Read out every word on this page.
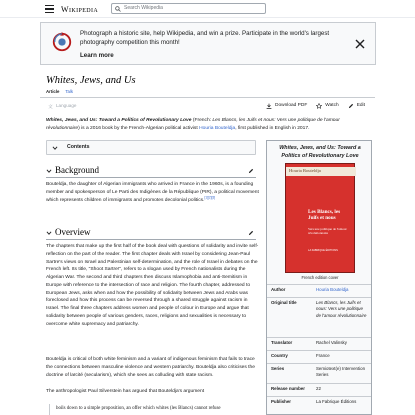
Wikipedia	Search Wikipedia
Photograph a historic site, help Wikipedia, and win a prize. Participate in the world's largest photography competition this month!
Learn more
Whites, Jews, and Us
Article Talk
文 Language	Download PDF	Watch	Edit
Whites, Jews, and Us: Toward a Politics of Revolutionary Love (French: Les Blancs, les Juifs et nous: Vers une politique de l'amour révolutionnaire) is a 2016 book by the French-Algerian political activist Houria Bouteldja, first published in English in 2017.
Contents	Whites, Jews, and Us: Toward a Politics of Revolutionary Love
Houria Bouteldja
Les Blancs, les Juifs et nous
Vers une politique de l'amour révolutionnaire
LA FABRIQUE ÉDITIONS
French edition cover
Author	Houria Bouteldja
Original title	Les Blancs, les Juifs et nous: Vers une politique de l'amour révolutionnaire
Translator	Rachel Valinsky
Country	France
Series	Semiotext(e) Intervention Series
Release number	22
Publisher	La Fabrique Éditions
Background
Bouteldja, the daughter of Algerian immigrants who arrived in France in the 1960s, is a founding member and spokesperson of Le Parti des Indigènes de la République (PIR), a political movement which represents children of immigrants and promotes decolonial politics.[1][2][3]
Overview
The chapters that make up the first half of the book deal with questions of solidarity and invite self-reflection on the part of the reader. The first chapter deals with Israel by considering Jean-Paul Sartre's views on Israel and Palestinian self-determination, and the role of Israel in debates on the French left. Its title, "Shoot Sartre!", refers to a slogan used by French nationalists during the Algerian War. The second and third chapters then discuss Islamophobia and anti-Semitism in Europe with reference to the intersection of race and religion. The fourth chapter, addressed to European Jews, asks when and how the possibility of solidarity between Jews and Arabs was foreclosed and how this process can be reversed through a shared struggle against racism in Israel. The final three chapters address women and people of colour in Europe and argue that solidarity between people of various genders, races, religions and sexualities is necessary to overcome white supremacy and patriarchy.
Bouteldja is critical of both white feminism and a variant of indigenous feminism that fails to trace the connections between masculine violence and western patriarchy. Bouteldja also criticises the doctrine of laïcité (secularism), which she sees as colluding with state racism.
The anthropologist Paul Silverstein has argued that Bouteldja's argument
boils down to a simple proposition, an offer which whites (les Blancs) cannot refuse
